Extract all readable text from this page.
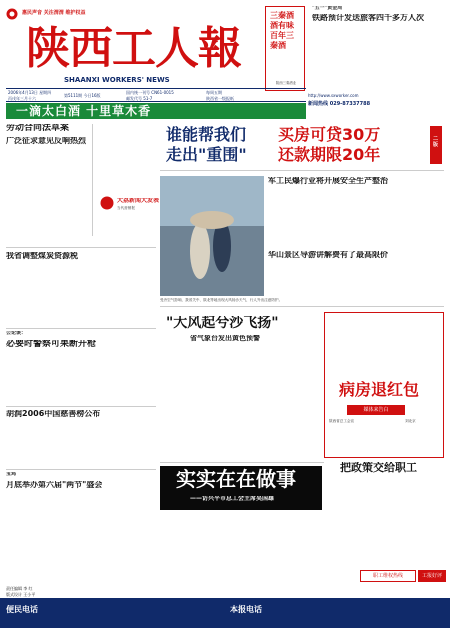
惠民声音 关注渭渭 维护权益
陕西工人報
SHAANXI WORKERS' NEWS
三秦酒 酒有味 百年三秦酒
陕西三秦酒业
2006年4月13日 星期四
丙戌年三月十六
第5111期 今日16版
国内统一刊号 CN61-0015
邮发代号 51-7
每周五期
陕西省一级报纸
一滴太白酒 十里草木香
http://www.sxworker.com
新闻热线 029-87337788
"五一"黄金周
铁路预计发送旅客四千多万人次

劳动合同法草案
广泛征求意见反响热烈
大荔新闻大发表
当代营销报
我省调整煤炭资源税
公论谈：
必要时警察可果断开枪
胡润2006中国慈善榜公布
宝鸡
月底举办第六届"两节"盛会
谁能帮我们
走出"重围"
买房可贷30万
还款期限20年
二版
军工民爆行业将开展安全生产整治
受冷空气影响，我省关中、陕北等地出现大风扬沙天气，行人外出注意防护。
华山景区导游讲解费有了最高限价
"大风起兮沙飞扬"
省气象台发出黄色预警
病房退红包
媒体来告白
陕西省总工会宣	刘北京
把政策交给职工
实实在在做事
——访兴平市总工会主席吴国雄
职工维权热线	工报好评
便民电话	本报电话
责任编辑 李 红
版式设计 王小平
